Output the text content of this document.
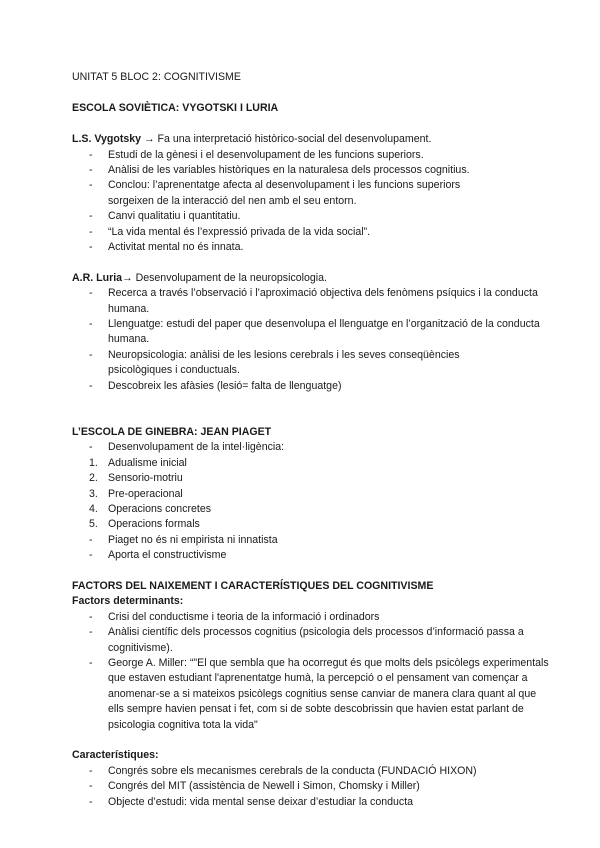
UNITAT 5 BLOC 2: COGNITIVISME
ESCOLA SOVIÈTICA: VYGOTSKI I LURIA
L.S. Vygotsky → Fa una interpretació històrico-social del desenvolupament.
- Estudi de la gènesi i el desenvolupament de les funcions superiors.
- Anàlisi de les variables històriques en la naturalesa dels processos cognitius.
- Conclou: l’aprenentatge afecta al desenvolupament i les funcions superiors sorgeixen de la interacció del nen amb el seu entorn.
- Canvi qualitatiu i quantitatiu.
- “La vida mental és l’expressió privada de la vida social”.
- Activitat mental no és innata.
A.R. Luria→ Desenvolupament de la neuropsicologia.
- Recerca a través l’observació i l’aproximació objectiva dels fenòmens psíquics i la conducta humana.
- Llenguatge: estudi del paper que desenvolupa el llenguatge en l’organització de la conducta humana.
- Neuropsicologia: anàlisi de les lesions cerebrals i les seves conseqüències psicològiques i conductuals.
- Descobreix les afàsies (lesió= falta de llenguatge)
L’ESCOLA DE GINEBRA: JEAN PIAGET
- Desenvolupament de la intel·ligència:
1. Adualisme inicial
2. Sensorio-motriu
3. Pre-operacional
4. Operacions concretes
5. Operacions formals
- Piaget no és ni empirista ni innatista
- Aporta el constructivisme
FACTORS DEL NAIXEMENT I CARACTERÍSTIQUES DEL COGNITIVISME
Factors determinants:
- Crisi del conductisme i teoria de la informació i ordinadors
- Anàlisi científic dels processos cognitius (psicologia dels processos d’informació passa a cognitivisme).
- George A. Miller: “"El que sembla que ha ocorregut és que molts dels psicòlegs experimentals que estaven estudiant l'aprenentatge humà, la percepció o el pensament van començar a anomenar-se a si mateixos psicòlegs cognitius sense canviar de manera clara quant al que ells sempre havien pensat i fet, com si de sobte descobrissin que havien estat parlant de psicologia cognitiva tota la vida"
Característiques:
- Congrés sobre els mecanismes cerebrals de la conducta (FUNDACIÓ HIXON)
- Congrés del MIT (assistència de Newell i Simon, Chomsky i Miller)
- Objecte d’estudi: vida mental sense deixar d’estudiar la conducta
